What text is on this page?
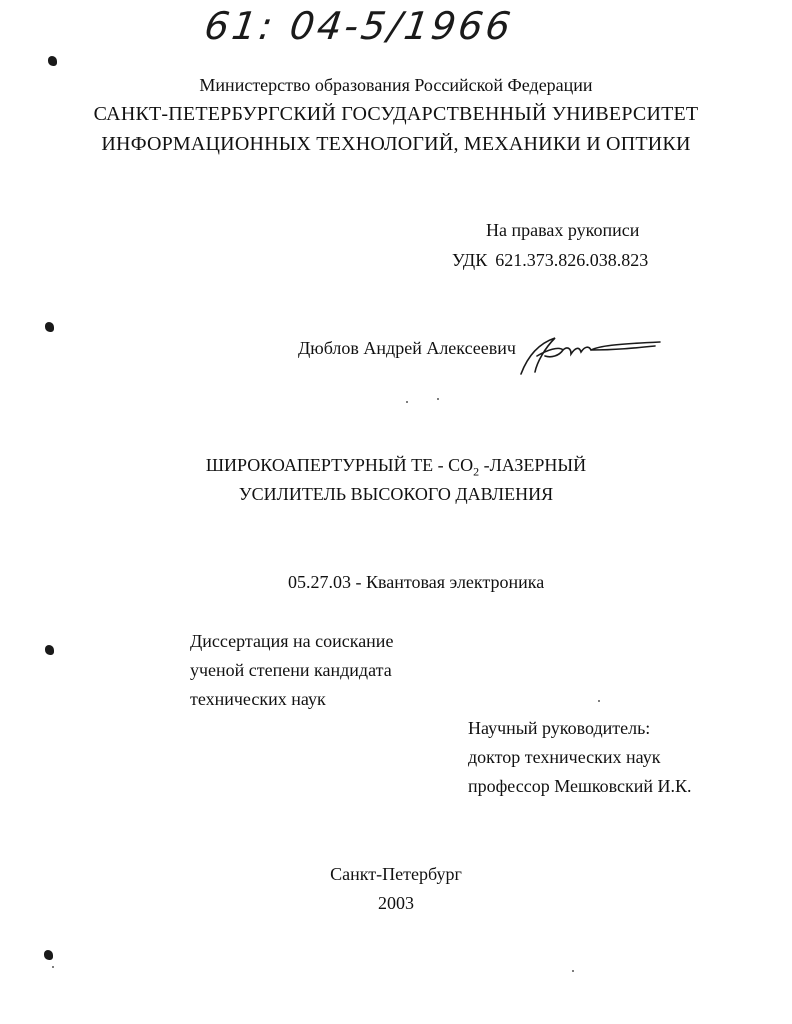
61: 04-5/1966
Министерство образования Российской Федерации
САНКТ-ПЕТЕРБУРГСКИЙ ГОСУДАРСТВЕННЫЙ УНИВЕРСИТЕТ
ИНФОРМАЦИОННЫХ ТЕХНОЛОГИЙ, МЕХАНИКИ И ОПТИКИ
На правах рукописи
УДК 621.373.826.038.823
Дюблов Андрей Алексеевич
ШИРОКОАПЕРТУРНЫЙ ТЕ - $СО_2$ -ЛАЗЕРНЫЙ
УСИЛИТЕЛЬ ВЫСОКОГО ДАВЛЕНИЯ
05.27.03 - Квантовая электроника
Диссертация на соискание
ученой степени кандидата
технических наук
Научный руководитель:
доктор технических наук
профессор Мешковский И.К.
Санкт-Петербург
2003
